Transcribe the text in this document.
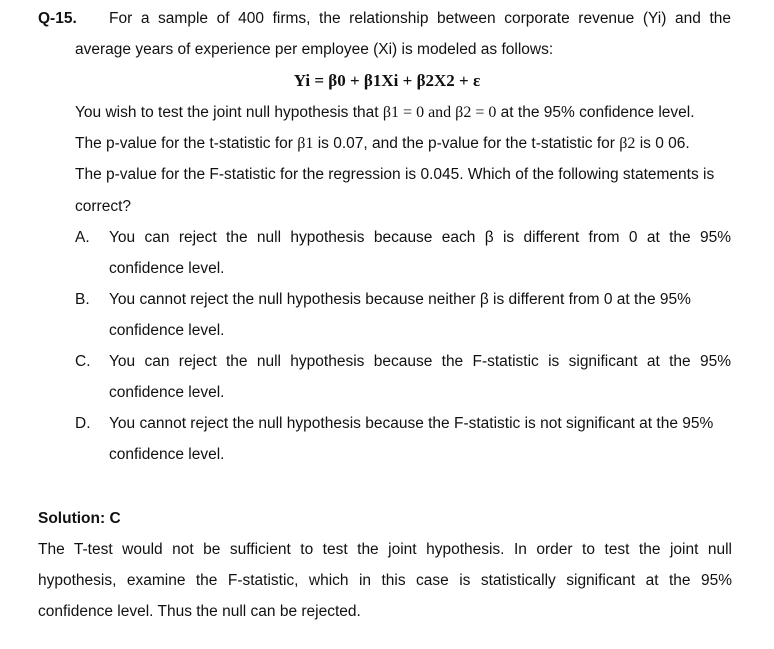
Q-15. For a sample of 400 firms, the relationship between corporate revenue (Yi) and the
average years of experience per employee (Xi) is modeled as follows:
Yi = β0 + β1Xi + β2X2 + ε
You wish to test the joint null hypothesis that β1 = 0 and β2 = 0 at the 95% confidence level.
The p-value for the t-statistic for β1 is 0.07, and the p-value for the t-statistic for β2 is 0 06.
The p-value for the F-statistic for the regression is 0.045. Which of the following statements is
correct?
A. You can reject the null hypothesis because each β is different from 0 at the 95%
confidence level.
B. You cannot reject the null hypothesis because neither β is different from 0 at the 95%
confidence level.
C. You can reject the null hypothesis because the F-statistic is significant at the 95%
confidence level.
D. You cannot reject the null hypothesis because the F-statistic is not significant at the 95%
confidence level.
Solution: C
The T-test would not be sufficient to test the joint hypothesis. In order to test the joint null
hypothesis, examine the F-statistic, which in this case is statistically significant at the 95%
confidence level. Thus the null can be rejected.
